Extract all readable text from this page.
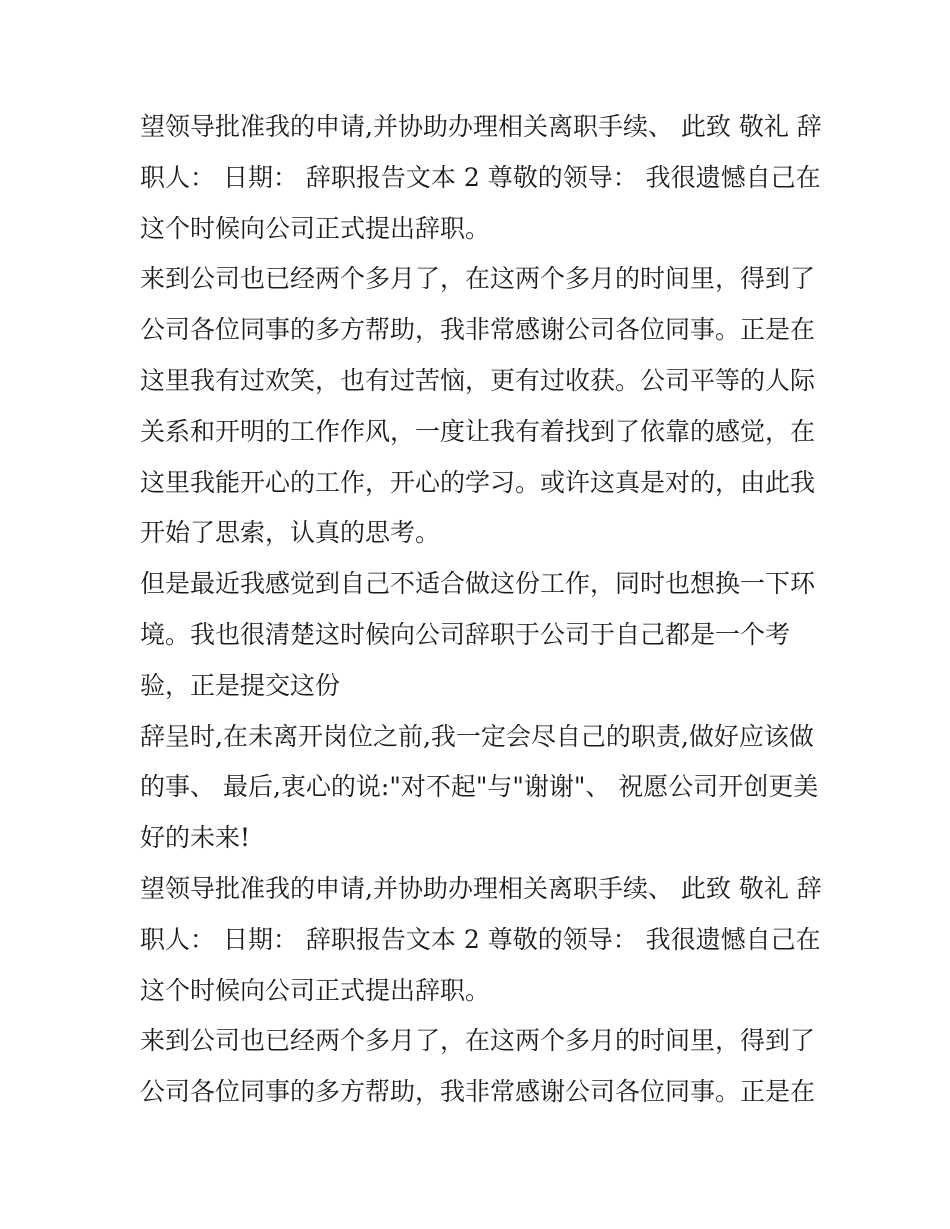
望领导批准我的申请,并协助办理相关离职手续、 此致 敬礼 辞
职人： 日期： 辞职报告文本 2 尊敬的领导： 我很遗憾自己在
这个时候向公司正式提出辞职。
来到公司也已经两个多月了，在这两个多月的时间里，得到了
公司各位同事的多方帮助，我非常感谢公司各位同事。正是在
这里我有过欢笑，也有过苦恼，更有过收获。公司平等的人际
关系和开明的工作作风，一度让我有着找到了依靠的感觉，在
这里我能开心的工作，开心的学习。或许这真是对的，由此我
开始了思索，认真的思考。
但是最近我感觉到自己不适合做这份工作，同时也想换一下环
境。我也很清楚这时候向公司辞职于公司于自己都是一个考
验，正是提交这份
辞呈时,在未离开岗位之前,我一定会尽自己的职责,做好应该做
的事、 最后,衷心的说:"对不起"与"谢谢"、 祝愿公司开创更美
好的未来!
望领导批准我的申请,并协助办理相关离职手续、 此致 敬礼 辞
职人： 日期： 辞职报告文本 2 尊敬的领导： 我很遗憾自己在
这个时候向公司正式提出辞职。
来到公司也已经两个多月了，在这两个多月的时间里，得到了
公司各位同事的多方帮助，我非常感谢公司各位同事。正是在
